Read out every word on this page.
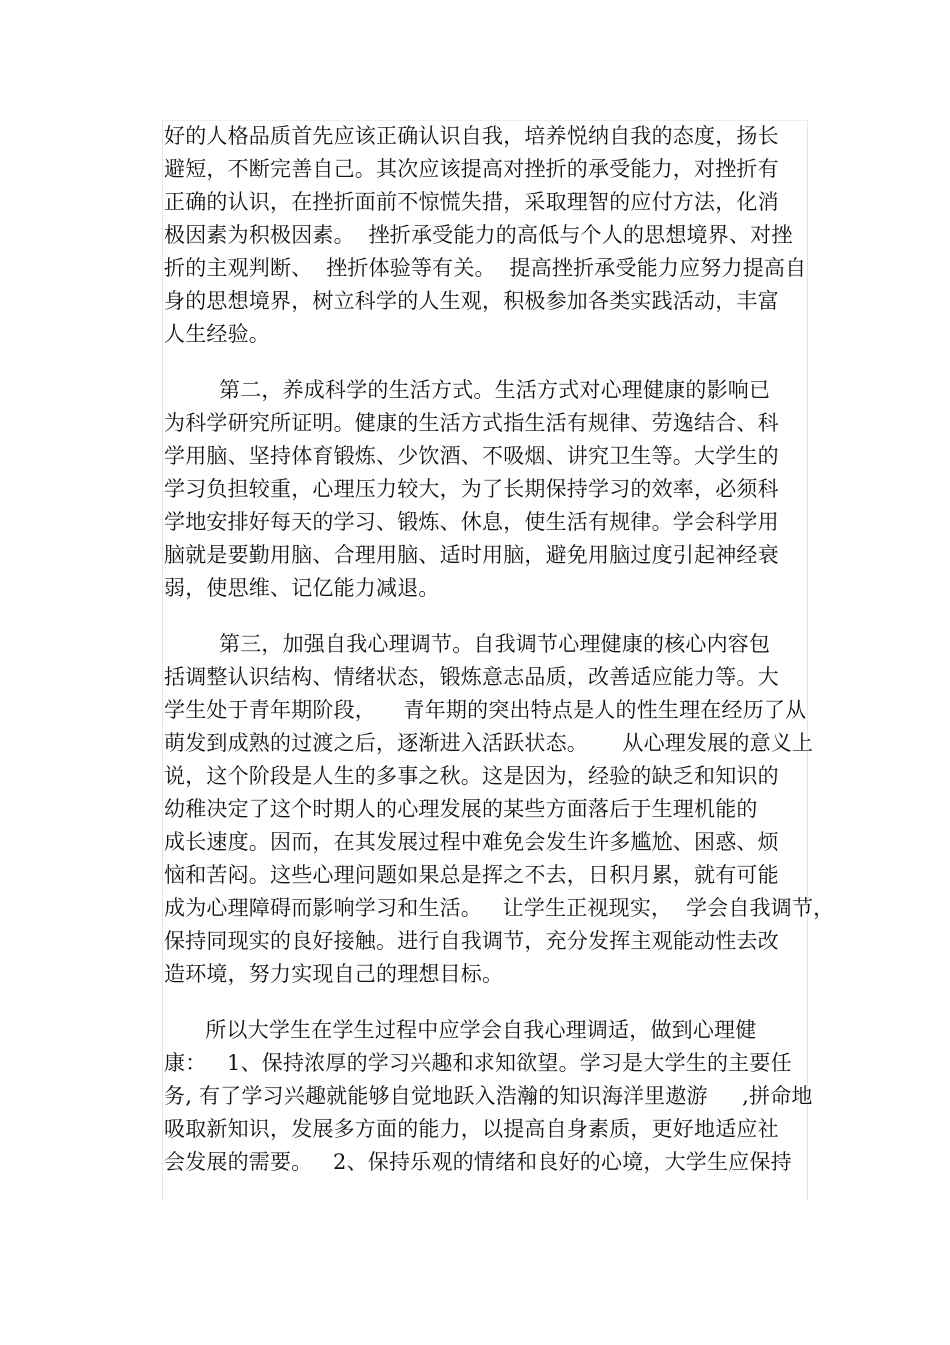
好的人格品质首先应该正确认识自我，培养悦纳自我的态度，扬长
避短，不断完善自己。其次应该提高对挫折的承受能力，对挫折有
正确的认识，在挫折面前不惊慌失措，采取理智的应付方法，化消
极因素为积极因素。  挫折承受能力的高低与个人的思想境界、对挫
折的主观判断、  挫折体验等有关。  提高挫折承受能力应努力提高自
身的思想境界，树立科学的人生观，积极参加各类实践活动，丰富
人生经验。
第二，养成科学的生活方式。生活方式对心理健康的影响已
为科学研究所证明。健康的生活方式指生活有规律、劳逸结合、科
学用脑、坚持体育锻炼、少饮酒、不吸烟、讲究卫生等。大学生的
学习负担较重，心理压力较大，为了长期保持学习的效率，必须科
学地安排好每天的学习、锻炼、休息，使生活有规律。学会科学用
脑就是要勤用脑、合理用脑、适时用脑，避免用脑过度引起神经衰
弱，使思维、记亿能力减退。
第三，加强自我心理调节。自我调节心理健康的核心内容包
括调整认识结构、情绪状态，锻炼意志品质，改善适应能力等。大
学生处于青年期阶段，    青年期的突出特点是人的性生理在经历了从
萌发到成熟的过渡之后，逐渐进入活跃状态。     从心理发展的意义上
说，这个阶段是人生的多事之秋。这是因为，经验的缺乏和知识的
幼稚决定了这个时期人的心理发展的某些方面落后于生理机能的
成长速度。因而，在其发展过程中难免会发生许多尴尬、困惑、烦
恼和苦闷。这些心理问题如果总是挥之不去，日积月累，就有可能
成为心理障碍而影响学习和生活。   让学生正视现实，  学会自我调节，
保持同现实的良好接触。进行自我调节，充分发挥主观能动性去改
造环境，努力实现自己的理想目标。
所以大学生在学生过程中应学会自我心理调适，做到心理健
康：   1、保持浓厚的学习兴趣和求知欲望。学习是大学生的主要任
务, 有了学习兴趣就能够自觉地跃入浩瀚的知识海洋里遨游     ,拼命地
吸取新知识，发展多方面的能力，以提高自身素质，更好地适应社
会发展的需要。   2、保持乐观的情绪和良好的心境，大学生应保持
